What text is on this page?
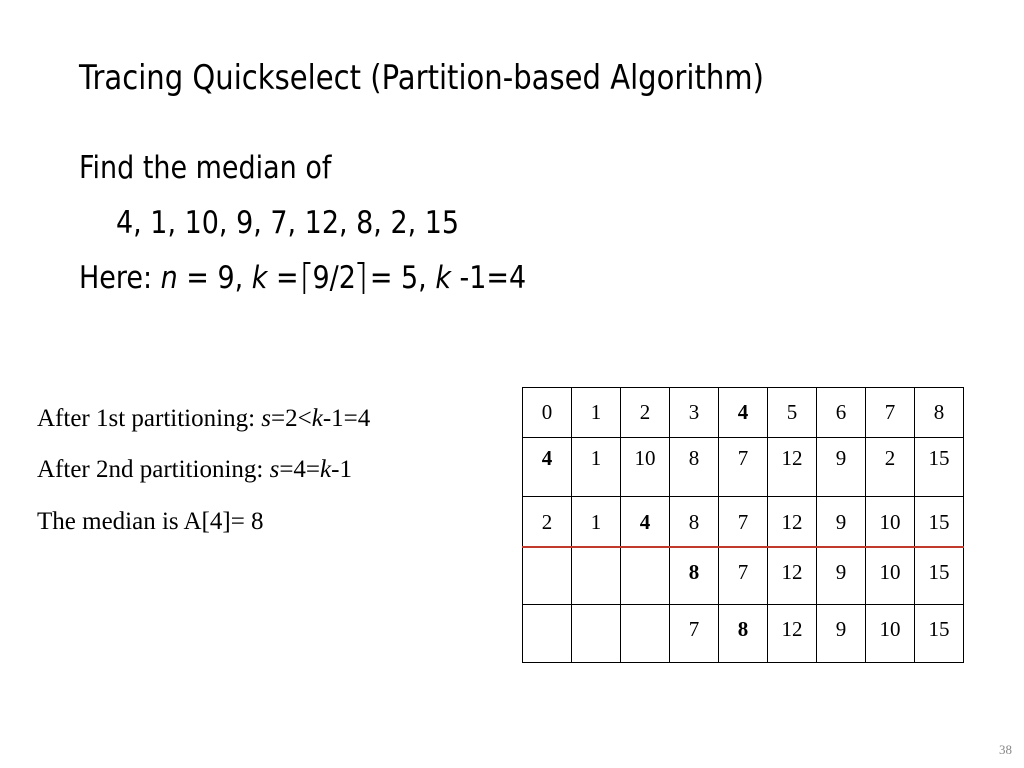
Tracing Quickselect (Partition-based Algorithm)
Find the median of
4, 1, 10, 9, 7, 12, 8, 2, 15
Here: n = 9, k = 9/2 = 5, k -1=4
After 1st partitioning: s=2<k-1=4
After 2nd partitioning: s=4=k-1
The median is A[4]= 8
0	1	2	3	4	5	6	7	8
4	1	10	8	7	12	9	2	15
2	1	4	8	7	12	9	10	15
			8	7	12	9	10	15
			7	8	12	9	10	15
38
